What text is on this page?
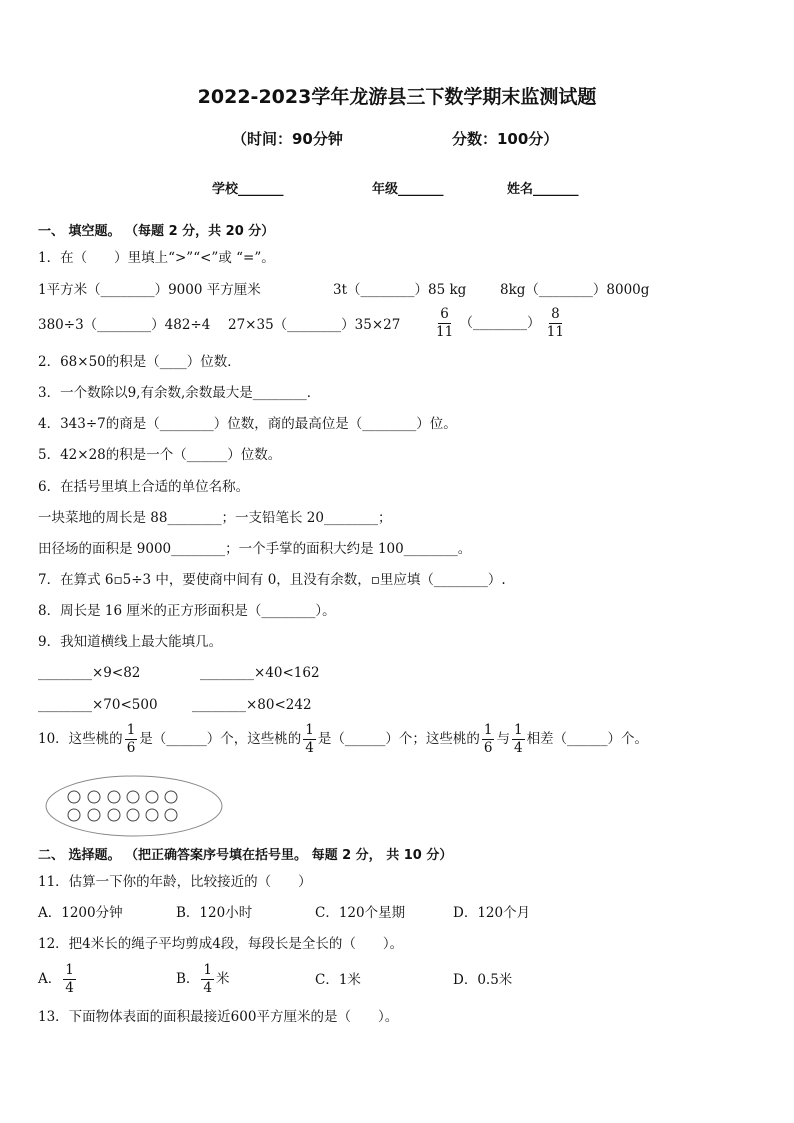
2022-2023学年龙游县三下数学期末监测试题
（时间：90分钟	分数：100分）
学校_______	年级_______	姓名_______
一、 填空题。 （每题 2 分，共 20 分）
1．在（　　）里填上“>”“<”或 “=”。
1平方米（________）9000 平方厘米	3t（________）85 kg 8kg（________）8000g
380÷3（________）482÷4 27×35（________）35×27	$\frac{6}{11}$ （________） $\frac{8}{11}$
2．68×50的积是（____）位数．
3．一个数除以9,有余数,余数最大是________．
4．343÷7的商是（________）位数，商的最高位是（________）位。
5．42×28的积是一个（______）位数。
6．在括号里填上合适的单位名称。
一块菜地的周长是 88________；一支铅笔长 20________；
田径场的面积是 9000________；一个手掌的面积大约是 100________。
7．在算式 6▫5÷3 中，要使商中间有 0，且没有余数，▫里应填（________）.
8．周长是 16 厘米的正方形面积是（________）。
9．我知道横线上最大能填几。
________×9<82	________×40<162
________×70<500	________×80<242
10．这些桃的 $\frac{1}{6}$ 是（______）个，这些桃的 $\frac{1}{4}$ 是（______）个；这些桃的 $\frac{1}{6}$ 与 $\frac{1}{4}$ 相差（______）个。
二、 选择题。 （把正确答案序号填在括号里。 每题 2 分， 共 10 分）
11．估算一下你的年龄，比较接近的（　　）
A．1200分钟	B．120小时	C．120个星期	D．120个月
12．把4米长的绳子平均剪成4段，每段长是全长的（　　）。
A． $\frac{1}{4}$	B． $\frac{1}{4}$ 米	C．1米	D．0.5米
13．下面物体表面的面积最接近600平方厘米的是（　　）。
